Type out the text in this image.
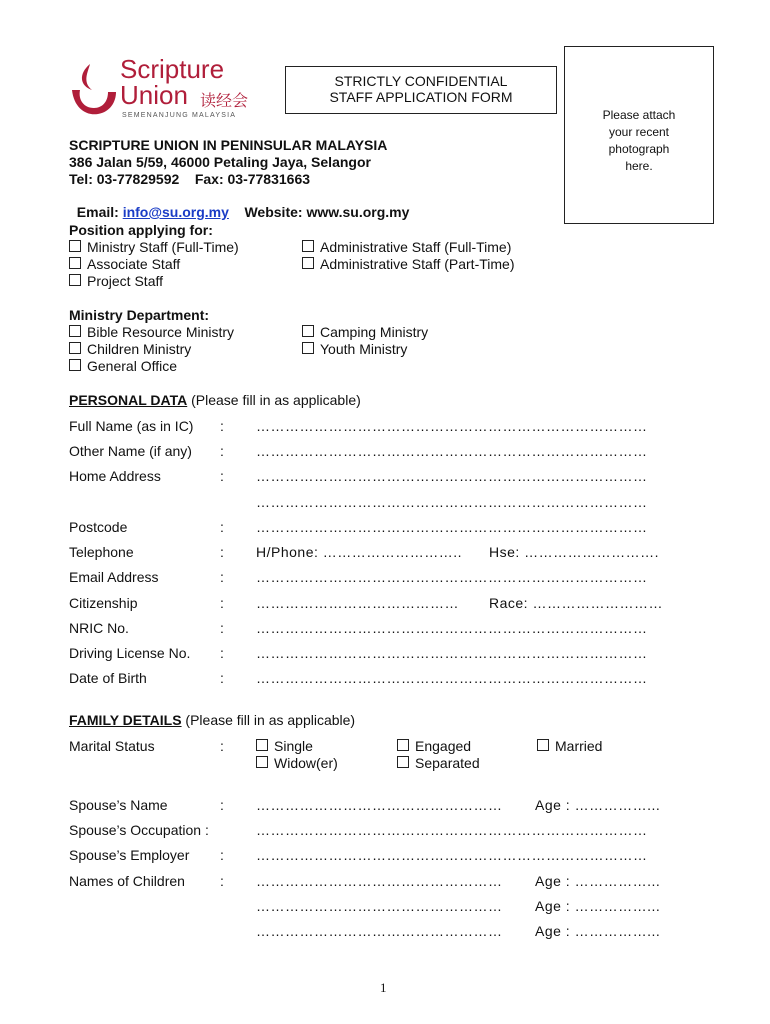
Scripture
Union 读经会
SEMENANJUNG MALAYSIA
STRICTLY CONFIDENTIAL
STAFF APPLICATION FORM
Please attach
your recent
photograph
here.
SCRIPTURE UNION IN PENINSULAR MALAYSIA
386 Jalan 5/59, 46000 Petaling Jaya, Selangor
Tel: 03-77829592    Fax: 03-77831663

Email: info@su.org.my Website: www.su.org.my

Position applying for:
Ministry Staff (Full-Time)
Associate Staff
Project Staff
Administrative Staff (Full-Time)
Administrative Staff (Part-Time)
Ministry Department:
Bible Resource Ministry
Children Ministry
General Office
Camping Ministry
Youth Ministry
PERSONAL DATA (Please fill in as applicable)
Full Name (as in IC) : ………………………………………………………………………
Other Name (if any) : ………………………………………………………………………
Home Address	: ………………………………………………………………………
………………………………………………………………………
Postcode	: ………………………………………………………………………
Telephone	: H/Phone: ……………………….. Hse: ……………………….
Email Address	: ………………………………………………………………………
Citizenship	: …………………………………… Race: ………………………
NRIC No.	: ………………………………………………………………………
Driving License No. : ………………………………………………………………………
Date of Birth	: ………………………………………………………………………
FAMILY DETAILS (Please fill in as applicable)
Marital Status	:	Single	Engaged	Married
Widow(er)	Separated
Spouse’s Name	: …………………………………………… Age : ……………...
Spouse’s Occupation :	………………………………………………………………………
Spouse’s Employer : ………………………………………………………………………
Names of Children	: …………………………………………… Age : ……………...
…………………………………………… Age : ……………...
…………………………………………… Age : ……………...
1
